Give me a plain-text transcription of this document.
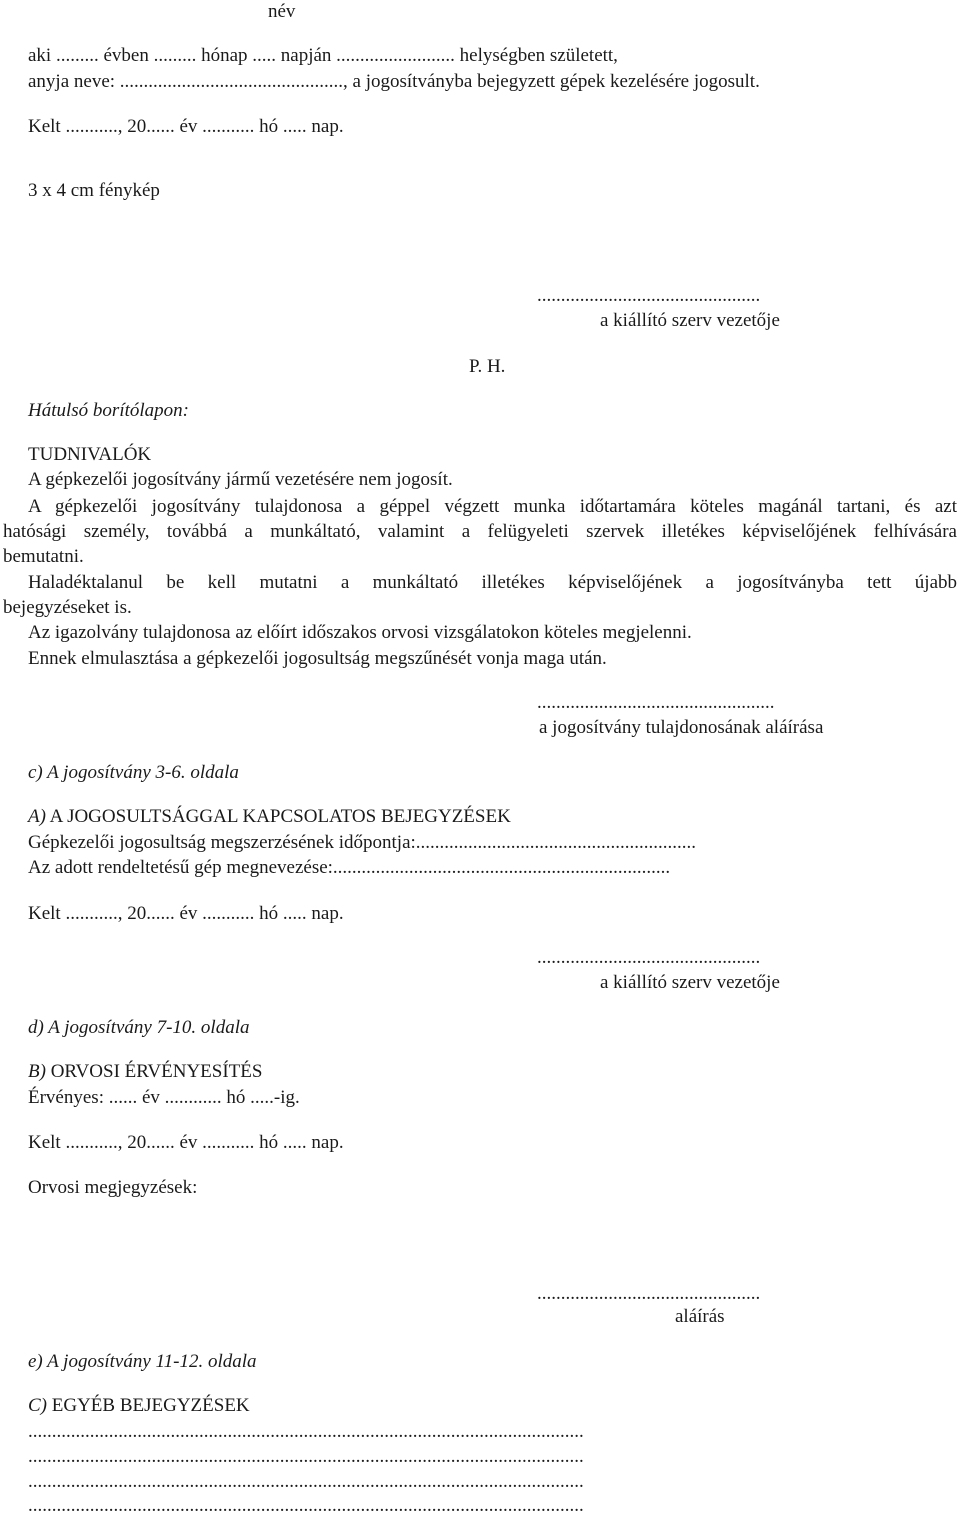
név
aki ......... évben ......... hónap ..... napján ......................... helységben született,
anyja neve: ..............................................., a jogosítványba bejegyzett gépek kezelésére jogosult.
Kelt ..........., 20...... év ........... hó ..... nap.
3 x 4 cm fénykép
...............................................
a kiállító szerv vezetője
P. H.
Hátulsó borítólapon:
TUDNIVALÓK
A gépkezelői jogosítvány jármű vezetésére nem jogosít.
A gépkezelői jogosítvány tulajdonosa a géppel végzett munka időtartamára köteles magánál tartani, és azt
hatósági személy, továbbá a munkáltató, valamint a felügyeleti szervek illetékes képviselőjének felhívására
bemutatni.
Haladéktalanul be kell mutatni a munkáltató illetékes képviselőjének a jogosítványba tett újabb
bejegyzéseket is.
Az igazolvány tulajdonosa az előírt időszakos orvosi vizsgálatokon köteles megjelenni.
Ennek elmulasztása a gépkezelői jogosultság megszűnését vonja maga után.
..................................................
a jogosítvány tulajdonosának aláírása
c) A jogosítvány 3-6. oldala
A) A JOGOSULTSÁGGAL KAPCSOLATOS BEJEGYZÉSEK
Gépkezelői jogosultság megszerzésének időpontja:...........................................................
Az adott rendeltetésű gép megnevezése:.......................................................................
Kelt ..........., 20...... év ........... hó ..... nap.
...............................................
a kiállító szerv vezetője
d) A jogosítvány 7-10. oldala
B) ORVOSI ÉRVÉNYESÍTÉS
Érvényes: ...... év ............ hó .....-ig.
Kelt ..........., 20...... év ........... hó ..... nap.
Orvosi megjegyzések:
...............................................
aláírás
e) A jogosítvány 11-12. oldala
C) EGYÉB BEJEGYZÉSEK
.....................................................................................................................
.....................................................................................................................
.....................................................................................................................
.....................................................................................................................
